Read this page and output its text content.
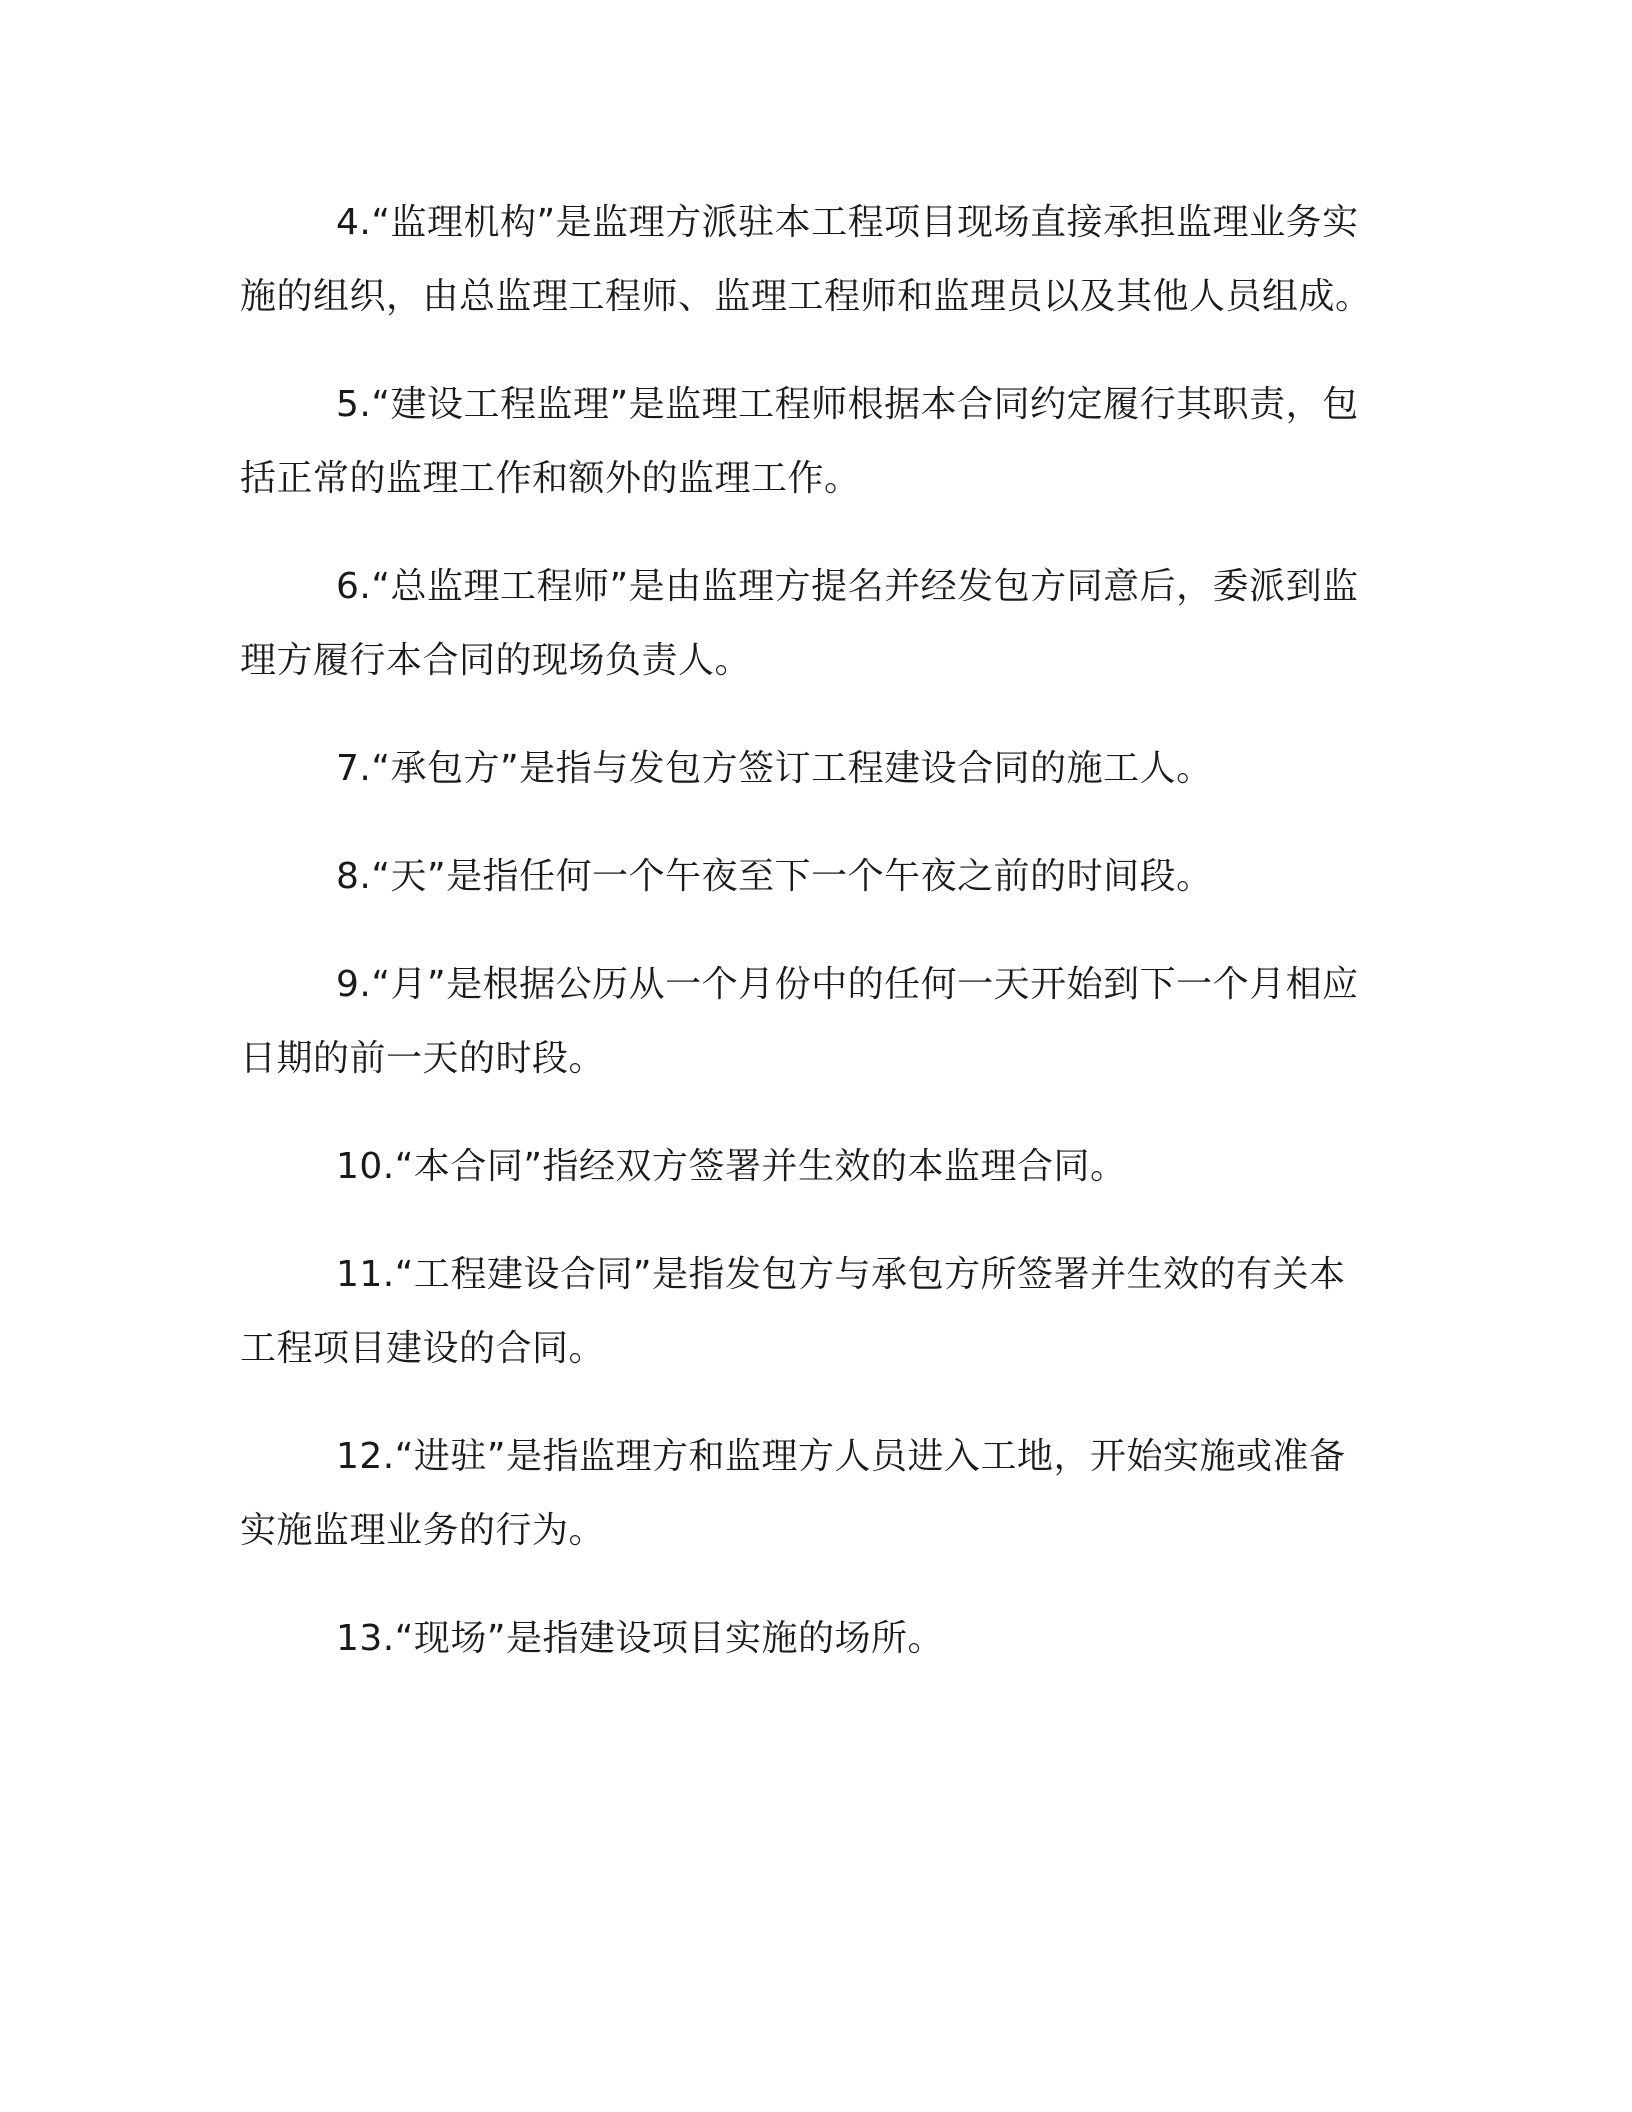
4.“监理机构”是监理方派驻本工程项目现场直接承担监理业务实施的组织，由总监理工程师、监理工程师和监理员以及其他人员组成。

5.“建设工程监理”是监理工程师根据本合同约定履行其职责，包括正常的监理工作和额外的监理工作。

6.“总监理工程师”是由监理方提名并经发包方同意后，委派到监理方履行本合同的现场负责人。

7.“承包方”是指与发包方签订工程建设合同的施工人。

8.“天”是指任何一个午夜至下一个午夜之前的时间段。

9.“月”是根据公历从一个月份中的任何一天开始到下一个月相应日期的前一天的时段。

10.“本合同”指经双方签署并生效的本监理合同。

11.“工程建设合同”是指发包方与承包方所签署并生效的有关本工程项目建设的合同。

12.“进驻”是指监理方和监理方人员进入工地，开始实施或准备实施监理业务的行为。

13.“现场”是指建设项目实施的场所。
